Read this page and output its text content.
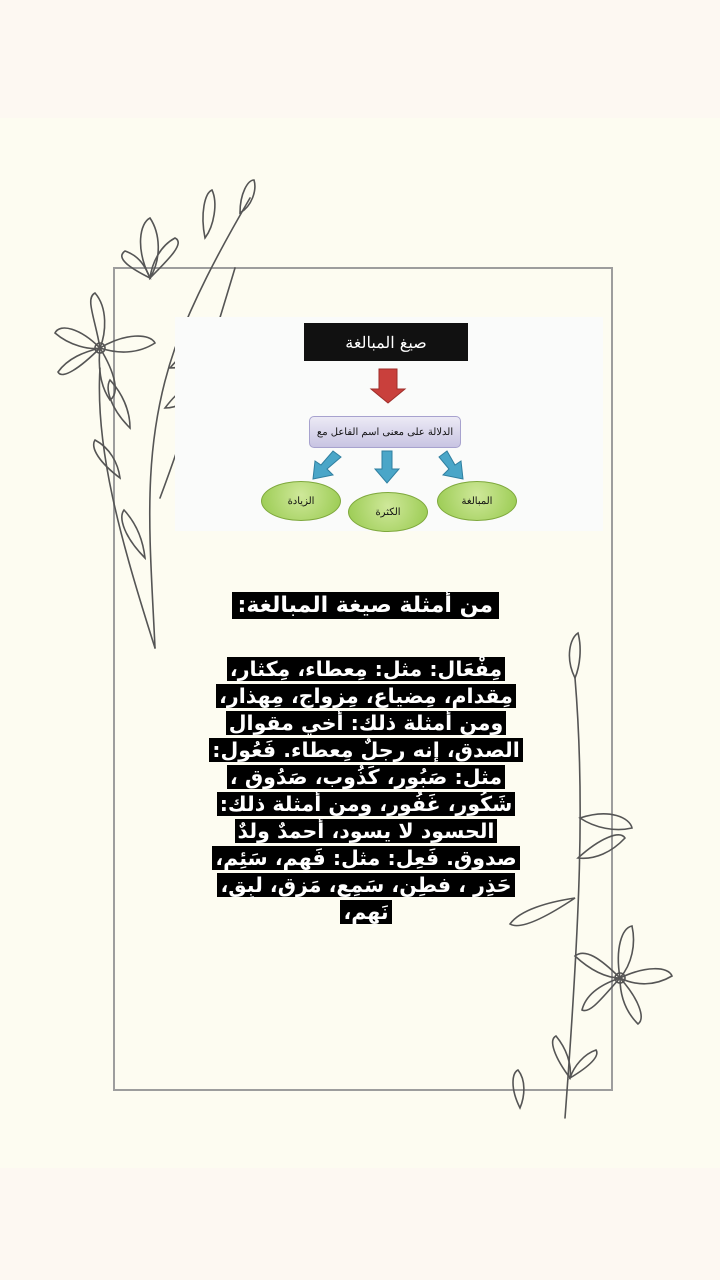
صيغ المبالغة
الدلالة على معنى اسم الفاعل مع
الزيادة
الكثرة
المبالغة
من أمثلة صيغة المبالغة:
مِفْعَال: مثل: مِعطاء، مِكثار،
مِقدام، مِضياع، مِزواج، مِهذار،
ومن أمثلة ذلك: أخي مقوال
الصدق، إنه رجلٌ مِعطاء. فَعُول:
مثل: صَبُور، كَذُوب، صَدُوق ،
شَكُور، غَفُور، ومن أمثلة ذلك:
الحسود لا يسود، أحمدٌ ولدٌ
صدوق. فَعِل: مثل: فَهِم، سَئِم،
حَذِر ، فطِن، سَمِع، مَزِق، لبِق،
نَهِم،
